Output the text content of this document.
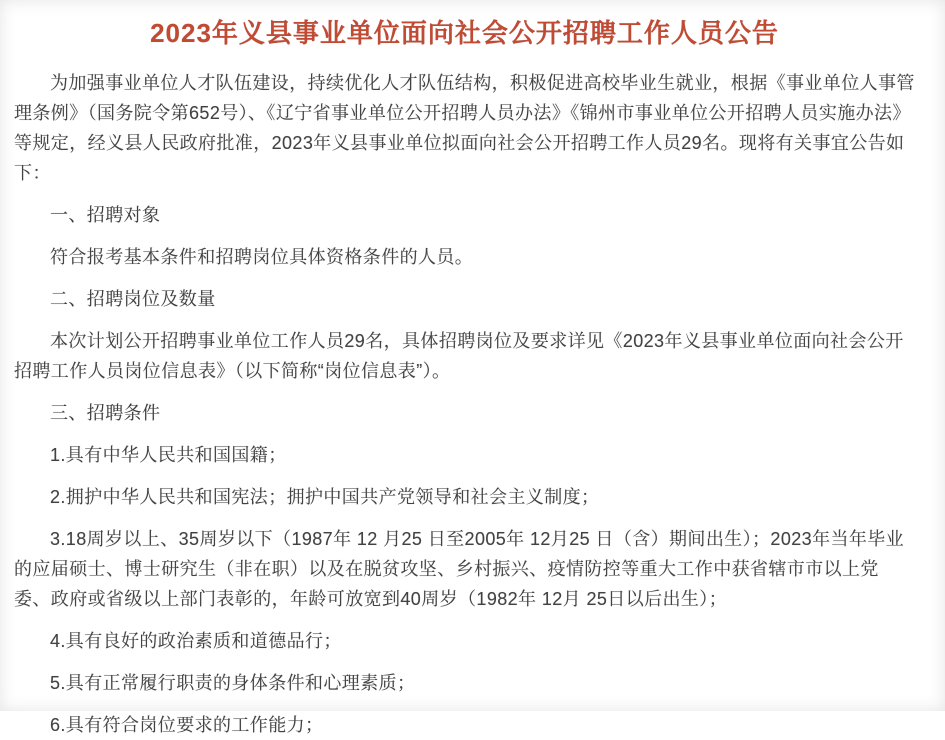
2023年义县事业单位面向社会公开招聘工作人员公告

为加强事业单位人才队伍建设，持续优化人才队伍结构，积极促进高校毕业生就业，根据《事业单位人事管理条例》（国务院令第652号）、《辽宁省事业单位公开招聘人员办法》《锦州市事业单位公开招聘人员实施办法》等规定，经义县人民政府批准，2023年义县事业单位拟面向社会公开招聘工作人员29名。现将有关事宜公告如下：

一、招聘对象

符合报考基本条件和招聘岗位具体资格条件的人员。

二、招聘岗位及数量

本次计划公开招聘事业单位工作人员29名，具体招聘岗位及要求详见《2023年义县事业单位面向社会公开招聘工作人员岗位信息表》（以下简称“岗位信息表”）。

三、招聘条件

1.具有中华人民共和国国籍；

2.拥护中华人民共和国宪法；拥护中国共产党领导和社会主义制度；

3.18周岁以上、35周岁以下（1987年 12 月25 日至2005年 12月25 日（含）期间出生）；2023年当年毕业的应届硕士、博士研究生（非在职）以及在脱贫攻坚、乡村振兴、疫情防控等重大工作中获省辖市市以上党委、政府或省级以上部门表彰的，年龄可放宽到40周岁（1982年 12月 25日以后出生）；

4.具有良好的政治素质和道德品行；

5.具有正常履行职责的身体条件和心理素质；

6.具有符合岗位要求的工作能力；
